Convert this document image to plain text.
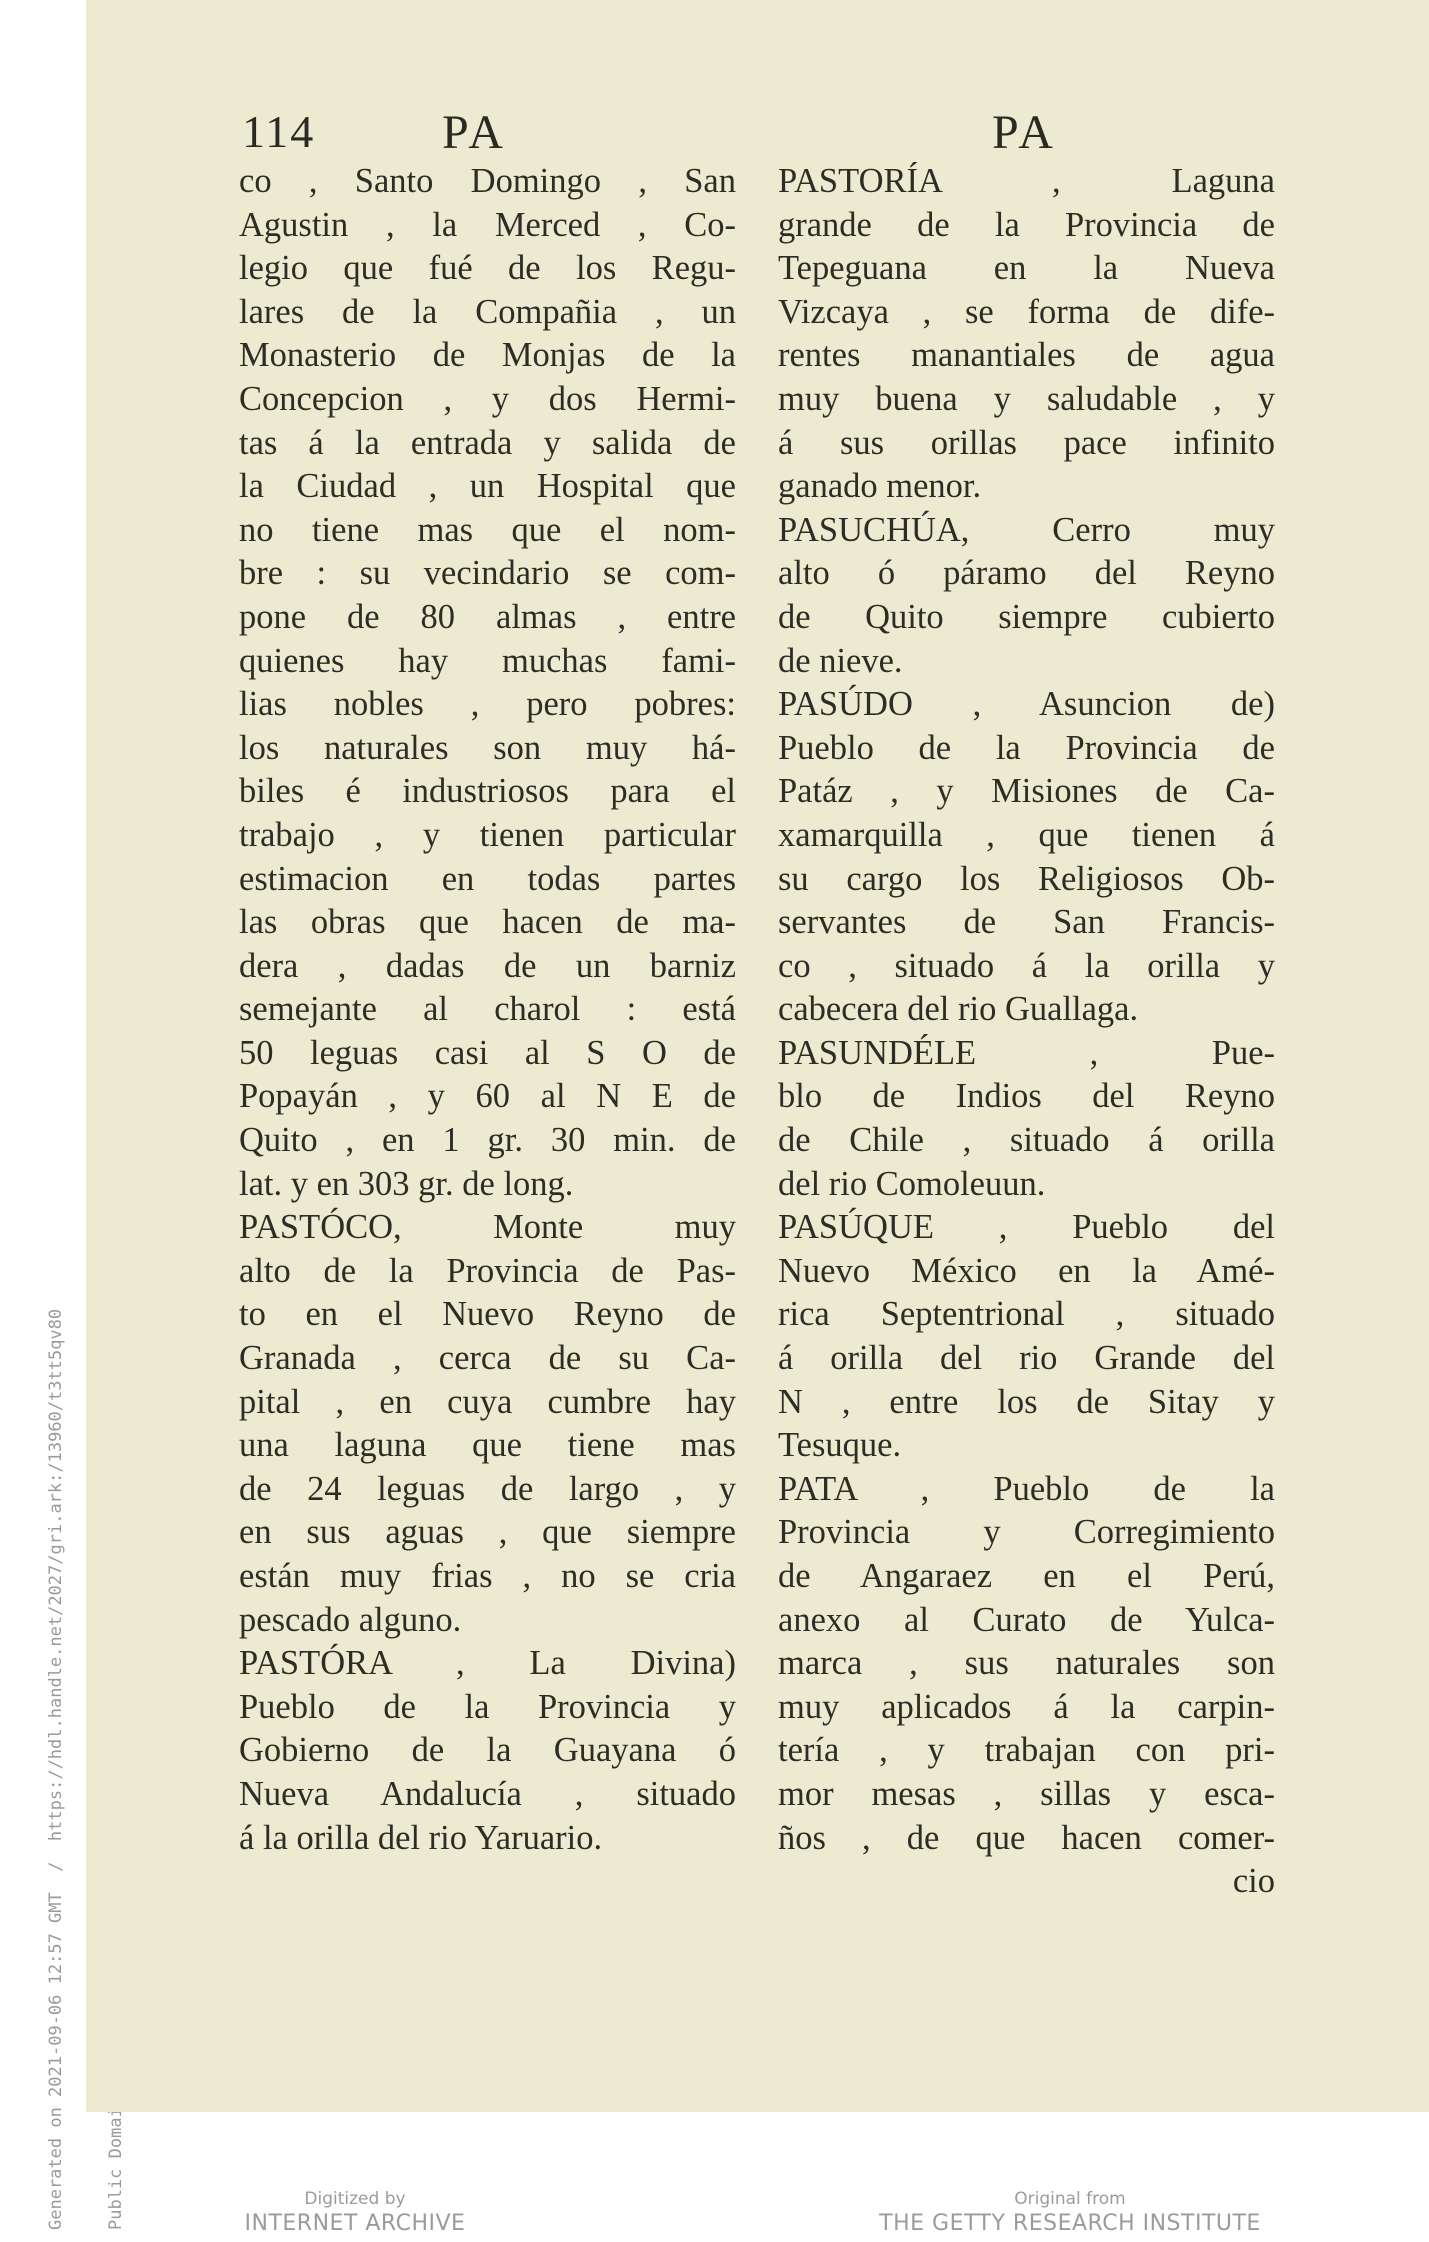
Generated on 2021-09-06 12:57 GMT  /  https://hdl.handle.net/2027/gri.ark:/13960/t3tt5qv80

114	PA	PA
co , Santo Domingo , San
Agustin , la Merced , Co-
legio que fué de los Regu-
lares de la Compañia , un
Monasterio de Monjas de la
Concepcion , y dos Hermi-
tas á la entrada y salida de
la Ciudad , un Hospital que
no tiene mas que el nom-
bre : su vecindario se com-
pone de 80 almas , entre
quienes hay muchas fami-
lias nobles , pero pobres:
los naturales son muy há-
biles é industriosos para el
trabajo , y tienen particular
estimacion en todas partes
las obras que hacen de ma-
dera , dadas de un barniz
semejante al charol : está
50 leguas casi al S O de
Popayán , y 60 al N E de
Quito , en 1 gr. 30 min. de
lat. y en 303 gr. de long.
PASTÓCO, Monte muy
alto de la Provincia de Pas-
to en el Nuevo Reyno de
Granada , cerca de su Ca-
pital , en cuya cumbre hay
una laguna que tiene mas
de 24 leguas de largo , y
en sus aguas , que siempre
están muy frias , no se cria
pescado alguno.
PASTÓRA , La Divina)
Pueblo de la Provincia y
Gobierno de la Guayana ó
Nueva Andalucía , situado
á la orilla del rio Yaruario.
PASTORÍA , Laguna
grande de la Provincia de
Tepeguana en la Nueva
Vizcaya , se forma de dife-
rentes manantiales de agua
muy buena y saludable , y
á sus orillas pace infinito
ganado menor.
PASUCHÚA, Cerro muy
alto ó páramo del Reyno
de Quito siempre cubierto
de nieve.
PASÚDO , Asuncion de)
Pueblo de la Provincia de
Patáz , y Misiones de Ca-
xamarquilla , que tienen á
su cargo los Religiosos Ob-
servantes de San Francis-
co , situado á la orilla y
cabecera del rio Guallaga.
PASUNDÉLE , Pue-
blo de Indios del Reyno
de Chile , situado á orilla
del rio Comoleuun.
PASÚQUE , Pueblo del
Nuevo México en la Amé-
rica Septentrional , situado
á orilla del rio Grande del
N , entre los de Sitay y
Tesuque.
PATA , Pueblo de la
Provincia y Corregimiento
de Angaraez en el Perú,
anexo al Curato de Yulca-
marca , sus naturales son
muy aplicados á la carpin-
tería , y trabajan con pri-
mor mesas , sillas y esca-
ños , de que hacen comer-
cio
Digitized by
INTERNET ARCHIVE
Original from
THE GETTY RESEARCH INSTITUTE
